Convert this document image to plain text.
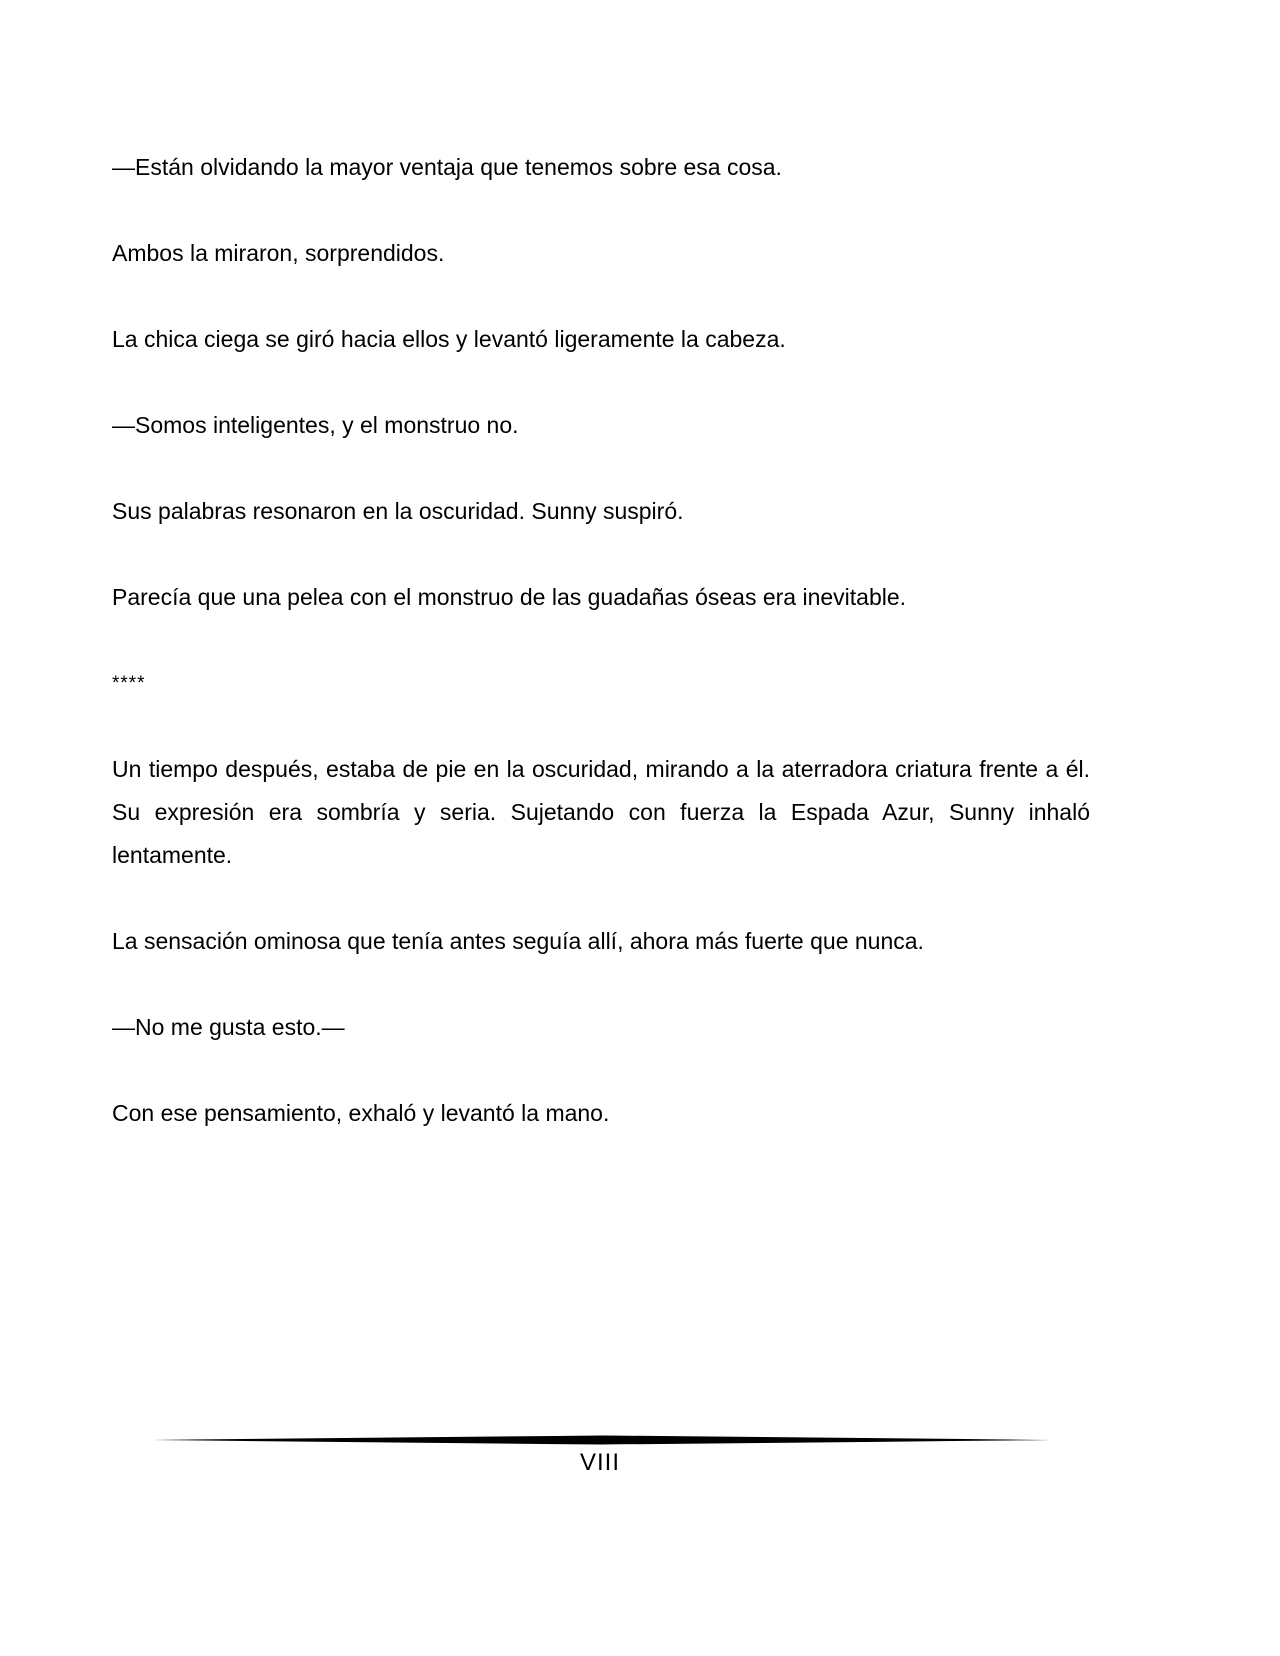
—Están olvidando la mayor ventaja que tenemos sobre esa cosa.

Ambos la miraron, sorprendidos.

La chica ciega se giró hacia ellos y levantó ligeramente la cabeza.

—Somos inteligentes, y el monstruo no.

Sus palabras resonaron en la oscuridad. Sunny suspiró.

Parecía que una pelea con el monstruo de las guadañas óseas era inevitable.

****

Un tiempo después, estaba de pie en la oscuridad, mirando a la aterradora criatura frente a él. Su expresión era sombría y seria. Sujetando con fuerza la Espada Azur, Sunny inhaló lentamente.

La sensación ominosa que tenía antes seguía allí, ahora más fuerte que nunca.

—No me gusta esto.—

Con ese pensamiento, exhaló y levantó la mano.

VIII
